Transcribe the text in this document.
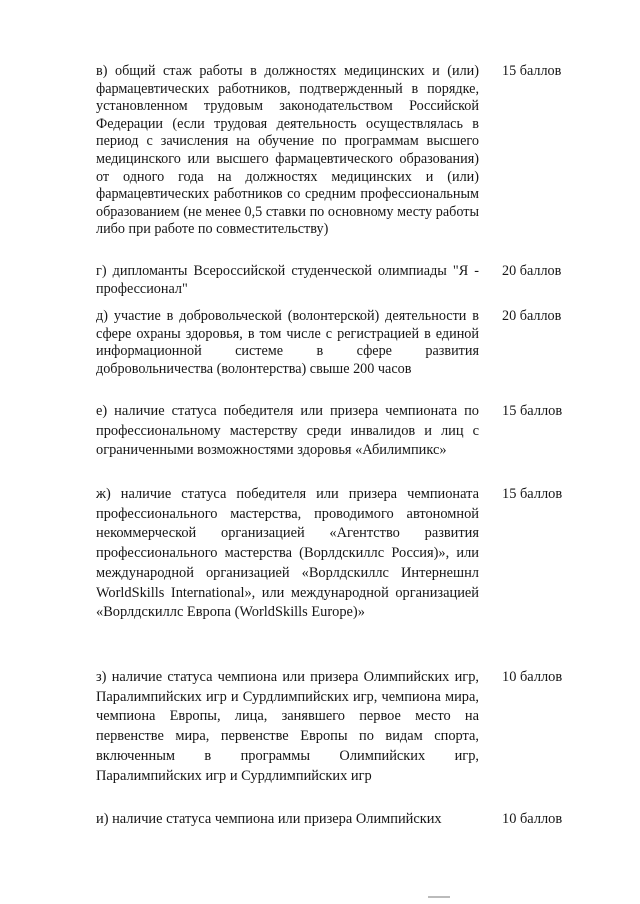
в) общий стаж работы в должностях медицинских и (или) фармацевтических работников, подтвержденный в порядке, установленном трудовым законодательством Российской Федерации (если трудовая деятельность осуществлялась в период с зачисления на обучение по программам высшего медицинского или высшего фармацевтического образования) от одного года на должностях медицинских и (или) фармацевтических работников со средним профессиональным образованием (не менее 0,5 ставки по основному месту работы либо при работе по совместительству)
15 баллов
г) дипломанты Всероссийской студенческой олимпиады "Я - профессионал"
20 баллов
д) участие в добровольческой (волонтерской) деятельности в сфере охраны здоровья, в том числе с регистрацией в единой информационной системе в сфере развития добровольничества (волонтерства) свыше 200 часов
20 баллов
е) наличие статуса победителя или призера чемпионата по профессиональному мастерству среди инвалидов и лиц с ограниченными возможностями здоровья «Абилимпикс»
15 баллов
ж) наличие статуса победителя или призера чемпионата профессионального мастерства, проводимого автономной некоммерческой организацией «Агентство развития профессионального мастерства (Ворлдскиллс Россия)», или международной организацией «Ворлдскиллс Интернешнл WorldSkills International», или международной организацией «Ворлдскиллс Европа (WorldSkills Europe)»
15 баллов
з) наличие статуса чемпиона или призера Олимпийских игр, Паралимпийских игр и Сурдлимпийских игр, чемпиона мира, чемпиона Европы, лица, занявшего первое место на первенстве мира, первенстве Европы по видам спорта, включенным в программы Олимпийских игр, Паралимпийских игр и Сурдлимпийских игр
10 баллов
и) наличие статуса чемпиона или призера Олимпийских	10 баллов
